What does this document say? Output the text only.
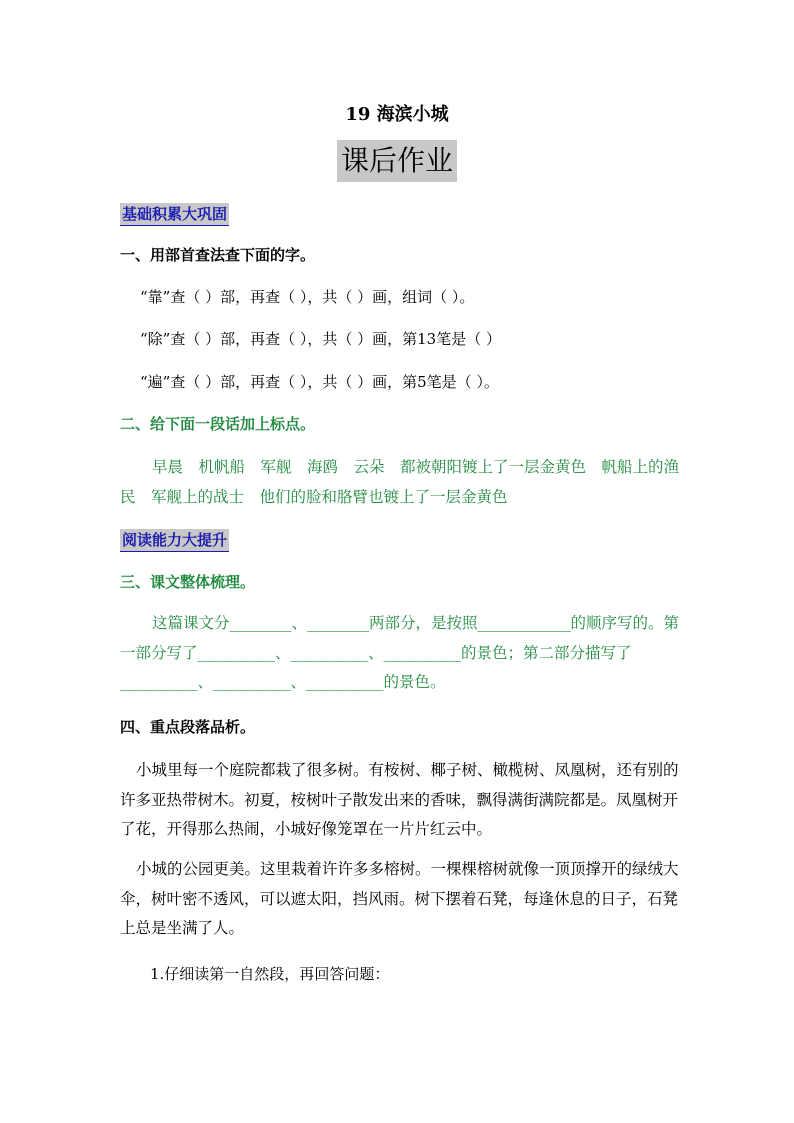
19 海滨小城
课后作业
基础积累大巩固
一、用部首查法查下面的字。
“靠”查（ ）部，再查（ ），共（ ）画，组词（ ）。
“除”查（ ）部，再查（ ），共（ ）画，第13笔是（ ）
“遍”查（ ）部，再查（ ），共（ ）画，第5笔是（ ）。
二、给下面一段话加上标点。
早晨　机帆船　军舰　海鸥　云朵　都被朝阳镀上了一层金黄色　帆船上的渔民　军舰上的战士　他们的脸和胳臂也镀上了一层金黄色
阅读能力大提升
三、课文整体梳理。
这篇课文分________、________两部分，是按照____________的顺序写的。第一部分写了__________、__________、__________的景色；第二部分描写了__________、__________、__________的景色。
四、重点段落品析。
小城里每一个庭院都栽了很多树。有桉树、椰子树、橄榄树、凤凰树，还有别的许多亚热带树木。初夏，桉树叶子散发出来的香味，飘得满街满院都是。凤凰树开了花，开得那么热闹，小城好像笼罩在一片片红云中。
小城的公园更美。这里栽着许许多多榕树。一棵棵榕树就像一顶顶撑开的绿绒大伞，树叶密不透风，可以遮太阳，挡风雨。树下摆着石凳，每逢休息的日子，石凳上总是坐满了人。
1.仔细读第一自然段，再回答问题：
